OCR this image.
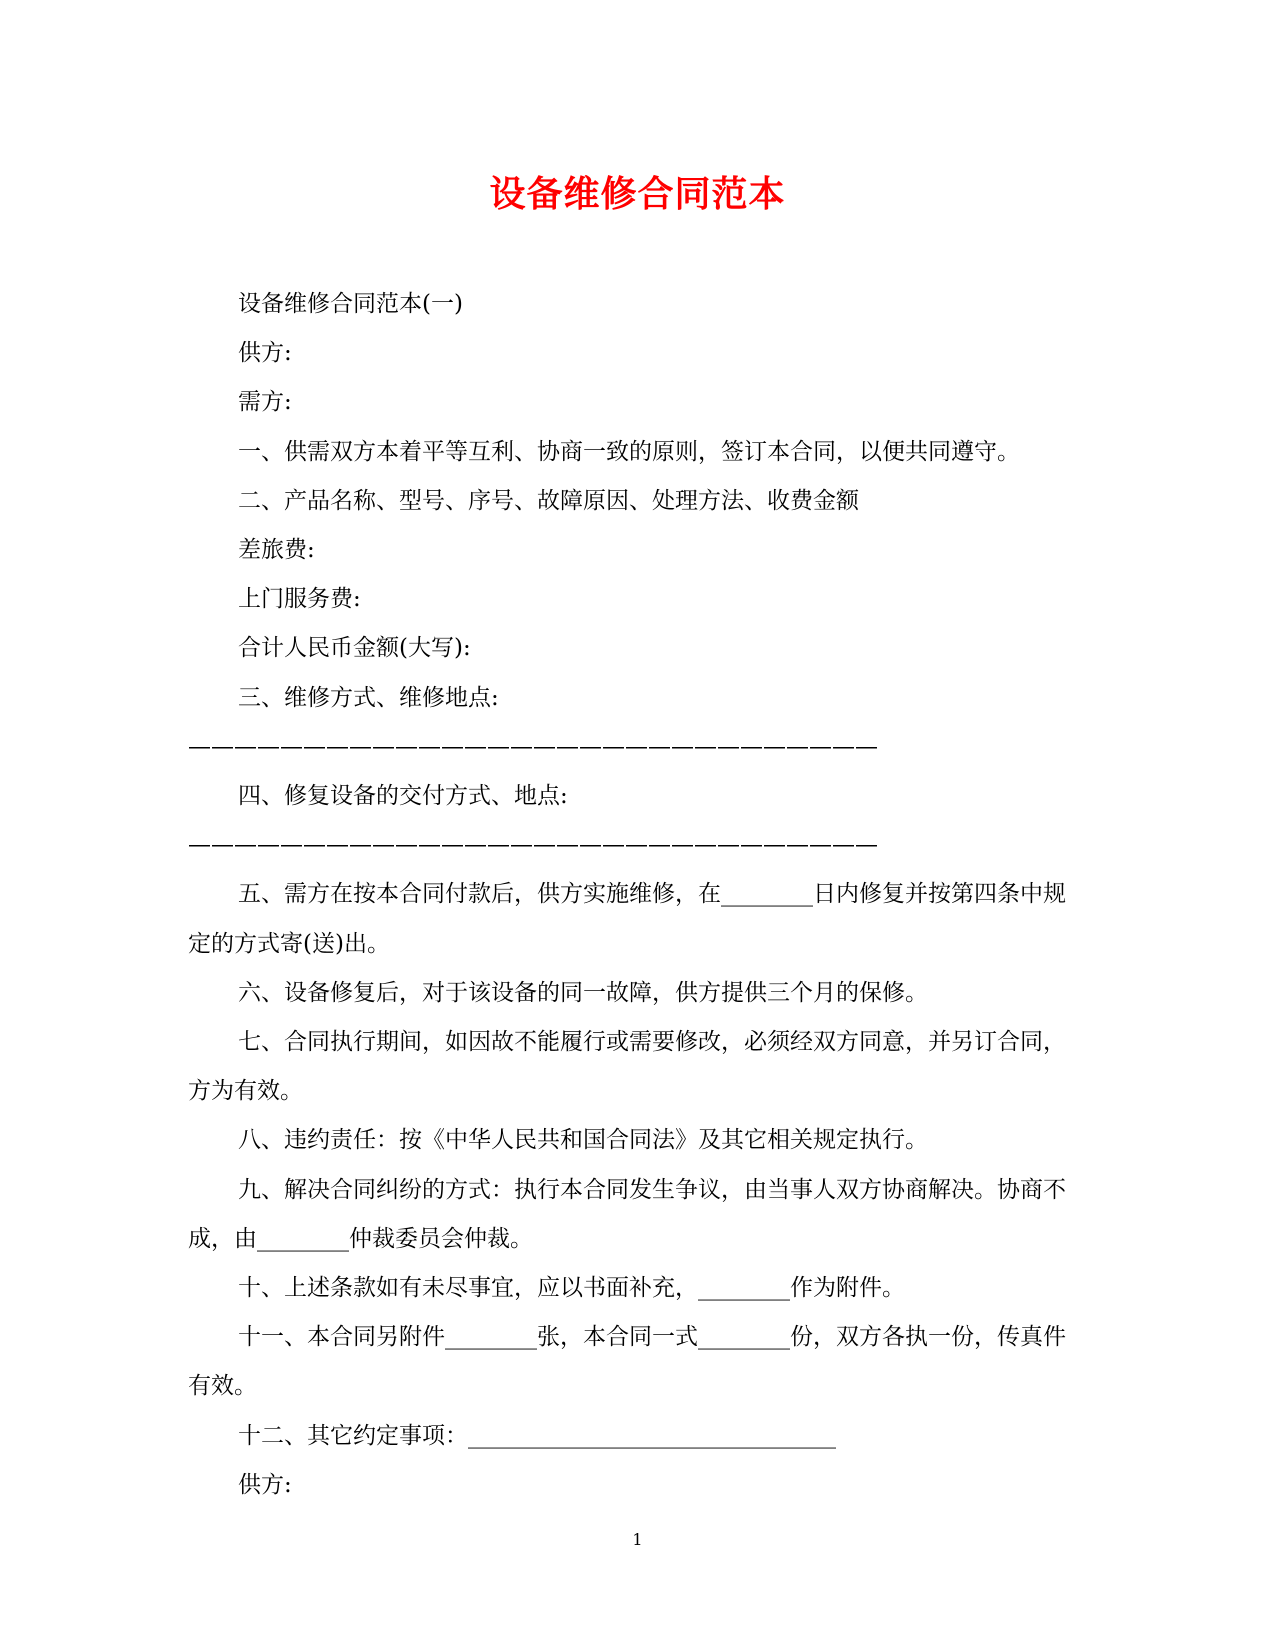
设备维修合同范本

设备维修合同范本(一)

供方:

需方:

一、供需双方本着平等互利、协商一致的原则，签订本合同，以便共同遵守。

二、产品名称、型号、序号、故障原因、处理方法、收费金额

差旅费:

上门服务费:

合计人民币金额(大写):

三、维修方式、维修地点:

——————————————————————————————

四、修复设备的交付方式、地点:

——————————————————————————————

五、需方在按本合同付款后，供方实施维修，在________日内修复并按第四条中规定的方式寄(送)出。

六、设备修复后，对于该设备的同一故障，供方提供三个月的保修。

七、合同执行期间，如因故不能履行或需要修改，必须经双方同意，并另订合同，方为有效。

八、违约责任：按《中华人民共和国合同法》及其它相关规定执行。

九、解决合同纠纷的方式：执行本合同发生争议，由当事人双方协商解决。协商不成，由________仲裁委员会仲裁。

十、上述条款如有未尽事宜，应以书面补充，________作为附件。

十一、本合同另附件________张，本合同一式________份，双方各执一份，传真件有效。

十二、其它约定事项：________________________________

供方:

1
